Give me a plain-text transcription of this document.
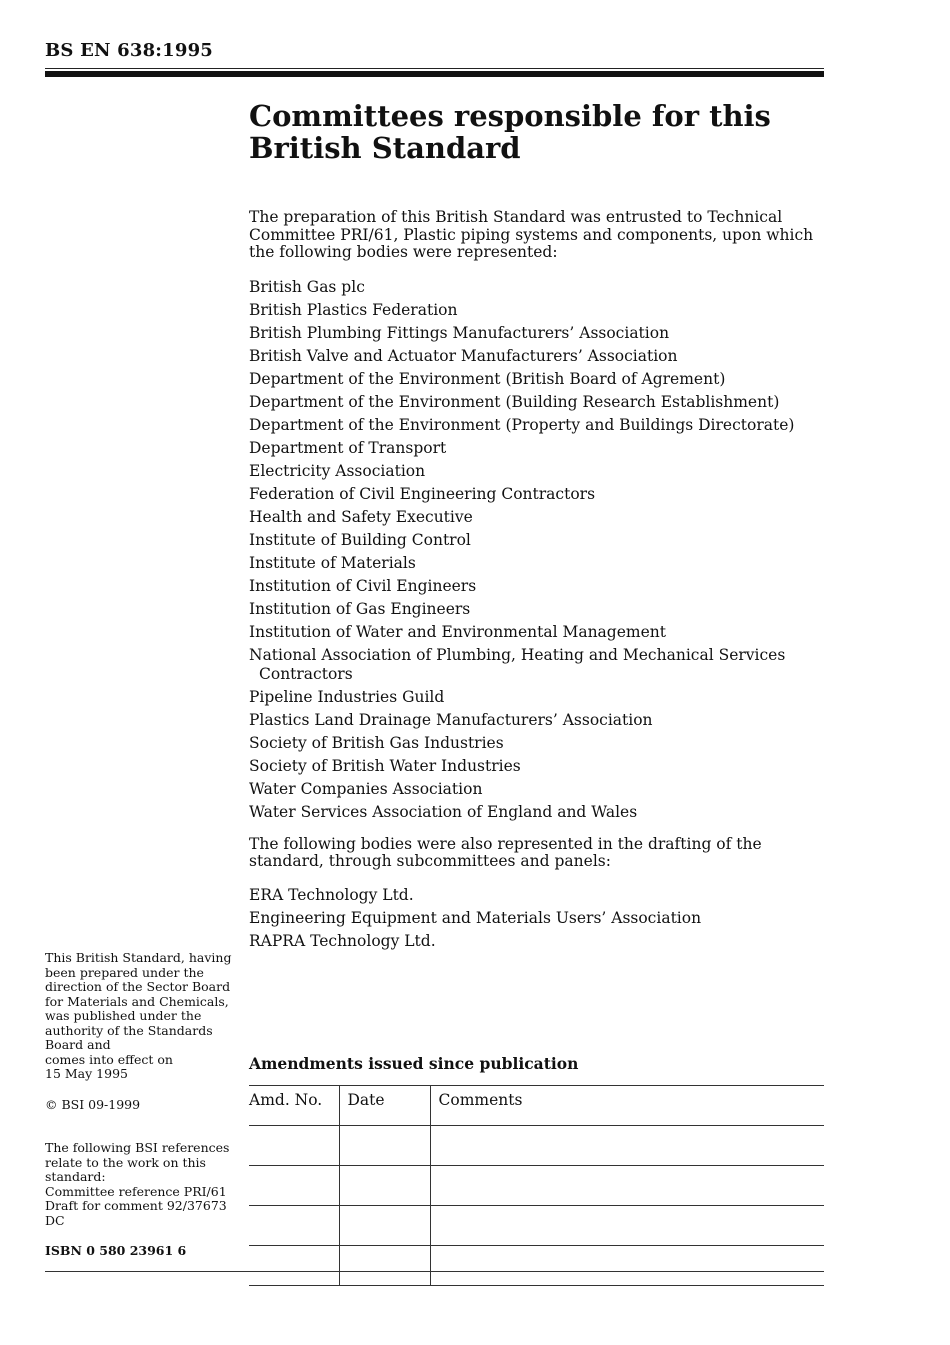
BS EN 638:1995
Committees responsible for this British Standard

The preparation of this British Standard was entrusted to Technical Committee PRI/61, Plastic piping systems and components, upon which the following bodies were represented:

British Gas plc
British Plastics Federation
British Plumbing Fittings Manufacturers’ Association
British Valve and Actuator Manufacturers’ Association
Department of the Environment (British Board of Agrement)
Department of the Environment (Building Research Establishment)
Department of the Environment (Property and Buildings Directorate)
Department of Transport
Electricity Association
Federation of Civil Engineering Contractors
Health and Safety Executive
Institute of Building Control
Institute of Materials
Institution of Civil Engineers
Institution of Gas Engineers
Institution of Water and Environmental Management
National Association of Plumbing, Heating and Mechanical Services Contractors
Pipeline Industries Guild
Plastics Land Drainage Manufacturers’ Association
Society of British Gas Industries
Society of British Water Industries
Water Companies Association
Water Services Association of England and Wales

The following bodies were also represented in the drafting of the standard, through subcommittees and panels:

ERA Technology Ltd.
Engineering Equipment and Materials Users’ Association
RAPRA Technology Ltd.

This British Standard, having

been prepared under the

direction of the Sector Board

for Materials and Chemicals,

was published under the

authority of the Standards

Board and

comes into effect on

15 May 1995

© BSI 09-1999

The following BSI references

relate to the work on this

standard:

Committee reference PRI/61

Draft for comment 92/37673 DC

ISBN 0 580 23961 6
Amendments issued since publication
Amd. No.	Date	Comments
